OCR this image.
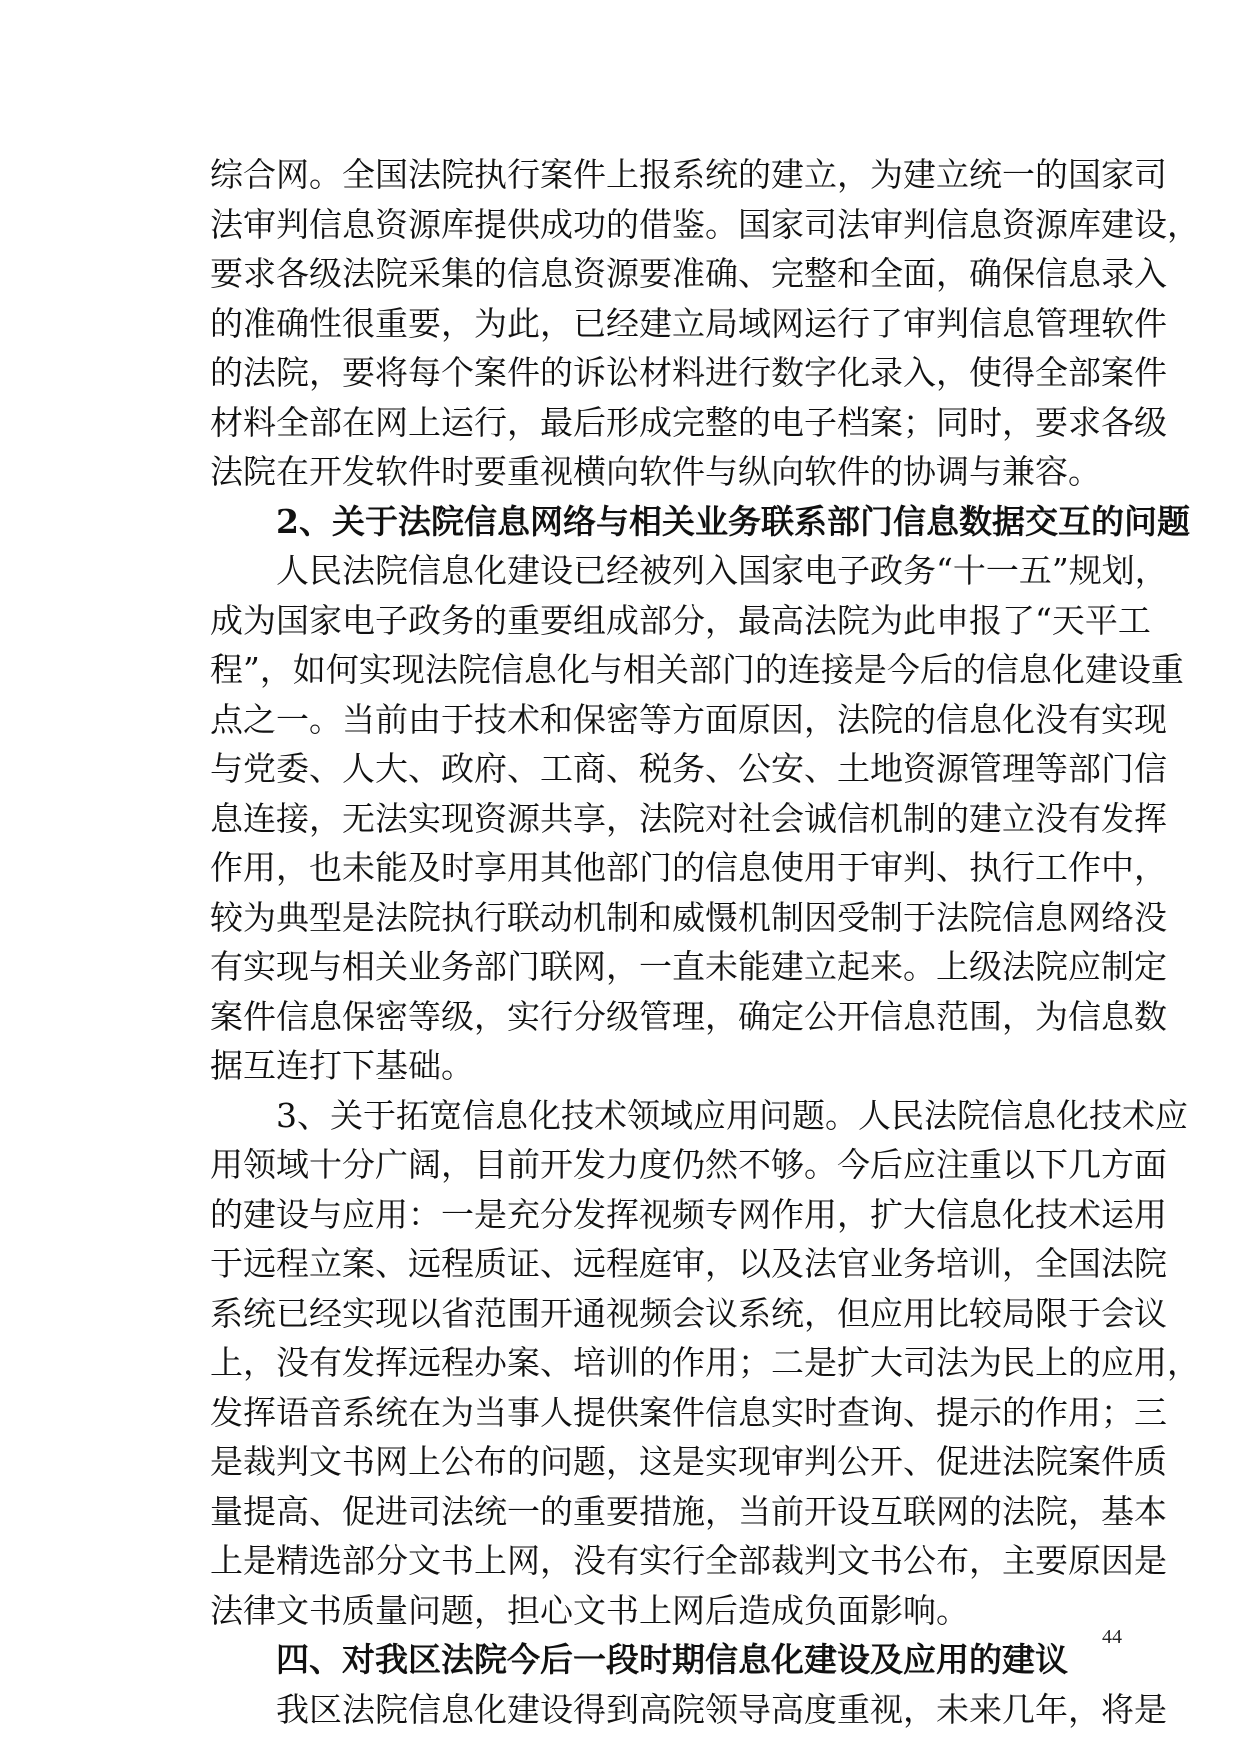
综合网。全国法院执行案件上报系统的建立，为建立统一的国家司
法审判信息资源库提供成功的借鉴。国家司法审判信息资源库建设，
要求各级法院采集的信息资源要准确、完整和全面，确保信息录入
的准确性很重要，为此，已经建立局域网运行了审判信息管理软件
的法院，要将每个案件的诉讼材料进行数字化录入，使得全部案件
材料全部在网上运行，最后形成完整的电子档案；同时，要求各级
法院在开发软件时要重视横向软件与纵向软件的协调与兼容。
2、关于法院信息网络与相关业务联系部门信息数据交互的问题
人民法院信息化建设已经被列入国家电子政务“十一五”规划，
成为国家电子政务的重要组成部分，最高法院为此申报了“天平工
程”，如何实现法院信息化与相关部门的连接是今后的信息化建设重
点之一。当前由于技术和保密等方面原因，法院的信息化没有实现
与党委、人大、政府、工商、税务、公安、土地资源管理等部门信
息连接，无法实现资源共享，法院对社会诚信机制的建立没有发挥
作用，也未能及时享用其他部门的信息使用于审判、执行工作中，
较为典型是法院执行联动机制和威慑机制因受制于法院信息网络没
有实现与相关业务部门联网，一直未能建立起来。上级法院应制定
案件信息保密等级，实行分级管理，确定公开信息范围，为信息数
据互连打下基础。
3、关于拓宽信息化技术领域应用问题。人民法院信息化技术应
用领域十分广阔，目前开发力度仍然不够。今后应注重以下几方面
的建设与应用：一是充分发挥视频专网作用，扩大信息化技术运用
于远程立案、远程质证、远程庭审，以及法官业务培训，全国法院
系统已经实现以省范围开通视频会议系统，但应用比较局限于会议
上，没有发挥远程办案、培训的作用；二是扩大司法为民上的应用，
发挥语音系统在为当事人提供案件信息实时查询、提示的作用；三
是裁判文书网上公布的问题，这是实现审判公开、促进法院案件质
量提高、促进司法统一的重要措施，当前开设互联网的法院，基本
上是精选部分文书上网，没有实行全部裁判文书公布，主要原因是
法律文书质量问题，担心文书上网后造成负面影响。
四、对我区法院今后一段时期信息化建设及应用的建议
我区法院信息化建设得到高院领导高度重视，未来几年，将是
44
